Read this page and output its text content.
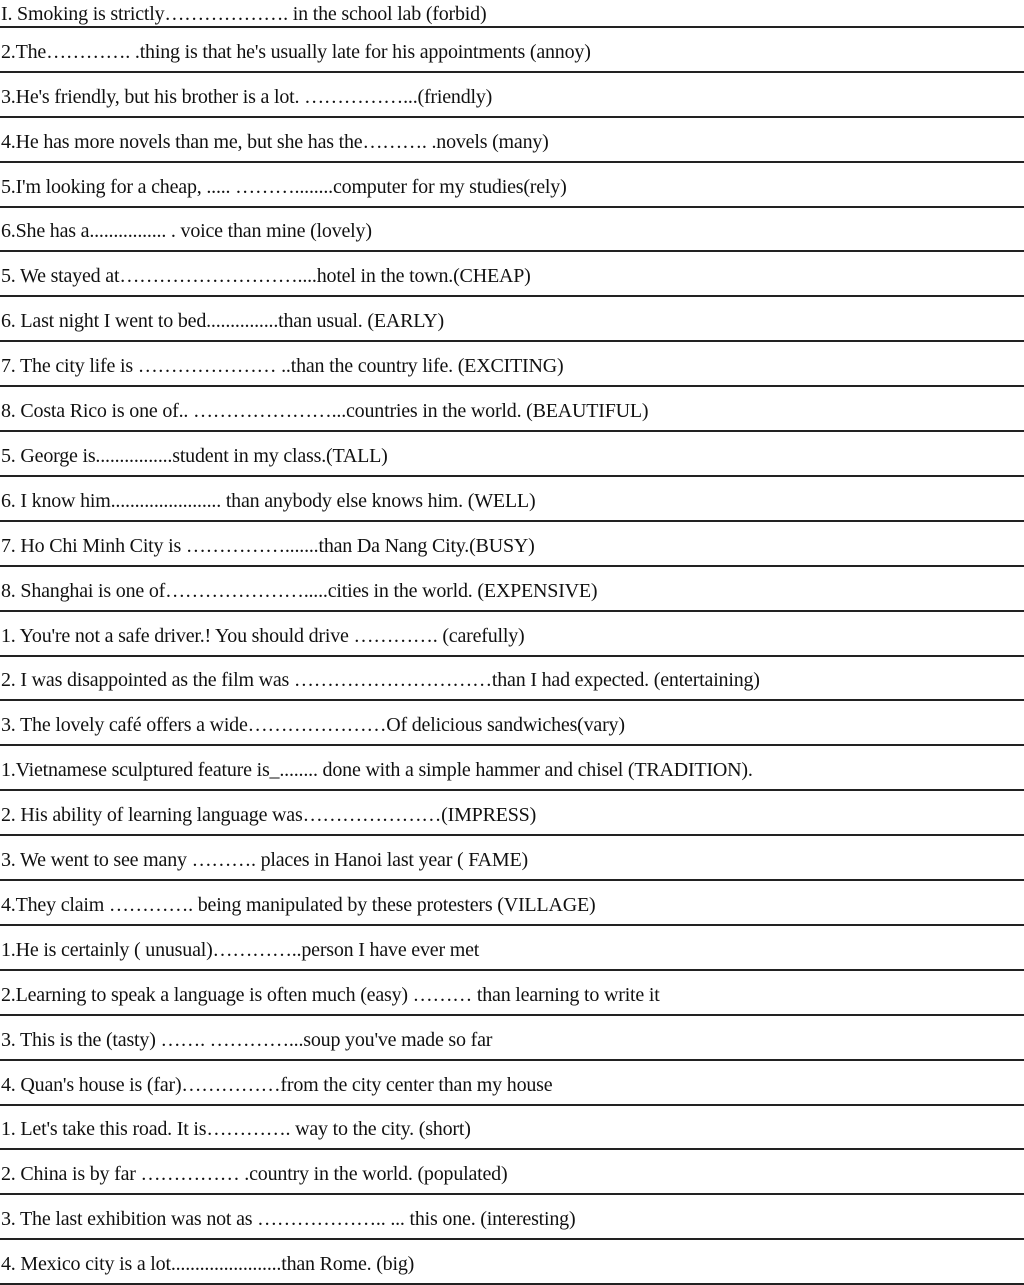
I. Smoking is strictly………………. in the school lab (forbid)
2.The…………. .thing is that he's usually late for his appointments (annoy)
3.He's friendly, but his brother is a lot. ……………...(friendly)
4.He has more novels than me, but she has the………. .novels (many)
5.I'm looking for a cheap, ..... ………........computer for my studies(rely)
6.She has a................ . voice than mine (lovely)
5. We stayed at………………………....hotel in the town.(CHEAP)
6. Last night I went to bed...............than usual. (EARLY)
7. The city life is ………………… ..than the country life. (EXCITING)
8. Costa Rico is one of.. …………………...countries in the world. (BEAUTIFUL)
5. George is................student in my class.(TALL)
6. I know him....................... than anybody else knows him. (WELL)
7. Ho Chi Minh City is …………….......than Da Nang City.(BUSY)
8. Shanghai is one of………………….....cities in the world. (EXPENSIVE)
1. You're not a safe driver.! You should drive …………. (carefully)
2. I was disappointed as the film was …………………………than I had expected. (entertaining)
3. The lovely café offers a wide…………………Of delicious sandwiches(vary)
1.Vietnamese sculptured feature is_........ done with a simple hammer and chisel (TRADITION).
2. His ability of learning language was…………………(IMPRESS)
3. We went to see many ………. places in Hanoi last year ( FAME)
4.They claim …………. being manipulated by these protesters (VILLAGE)
1.He is certainly ( unusual)…………..person I have ever met
2.Learning to speak a language is often much (easy) ……… than learning to write it
3. This is the (tasty) ……. …………...soup you've made so far
4. Quan's house is (far)……………from the city center than my house
1. Let's take this road. It is…………. way to the city. (short)
2. China is by far …………… .country in the world. (populated)
3. The last exhibition was not as ……………….. ... this one. (interesting)
4. Mexico city is a lot.......................than Rome. (big)
